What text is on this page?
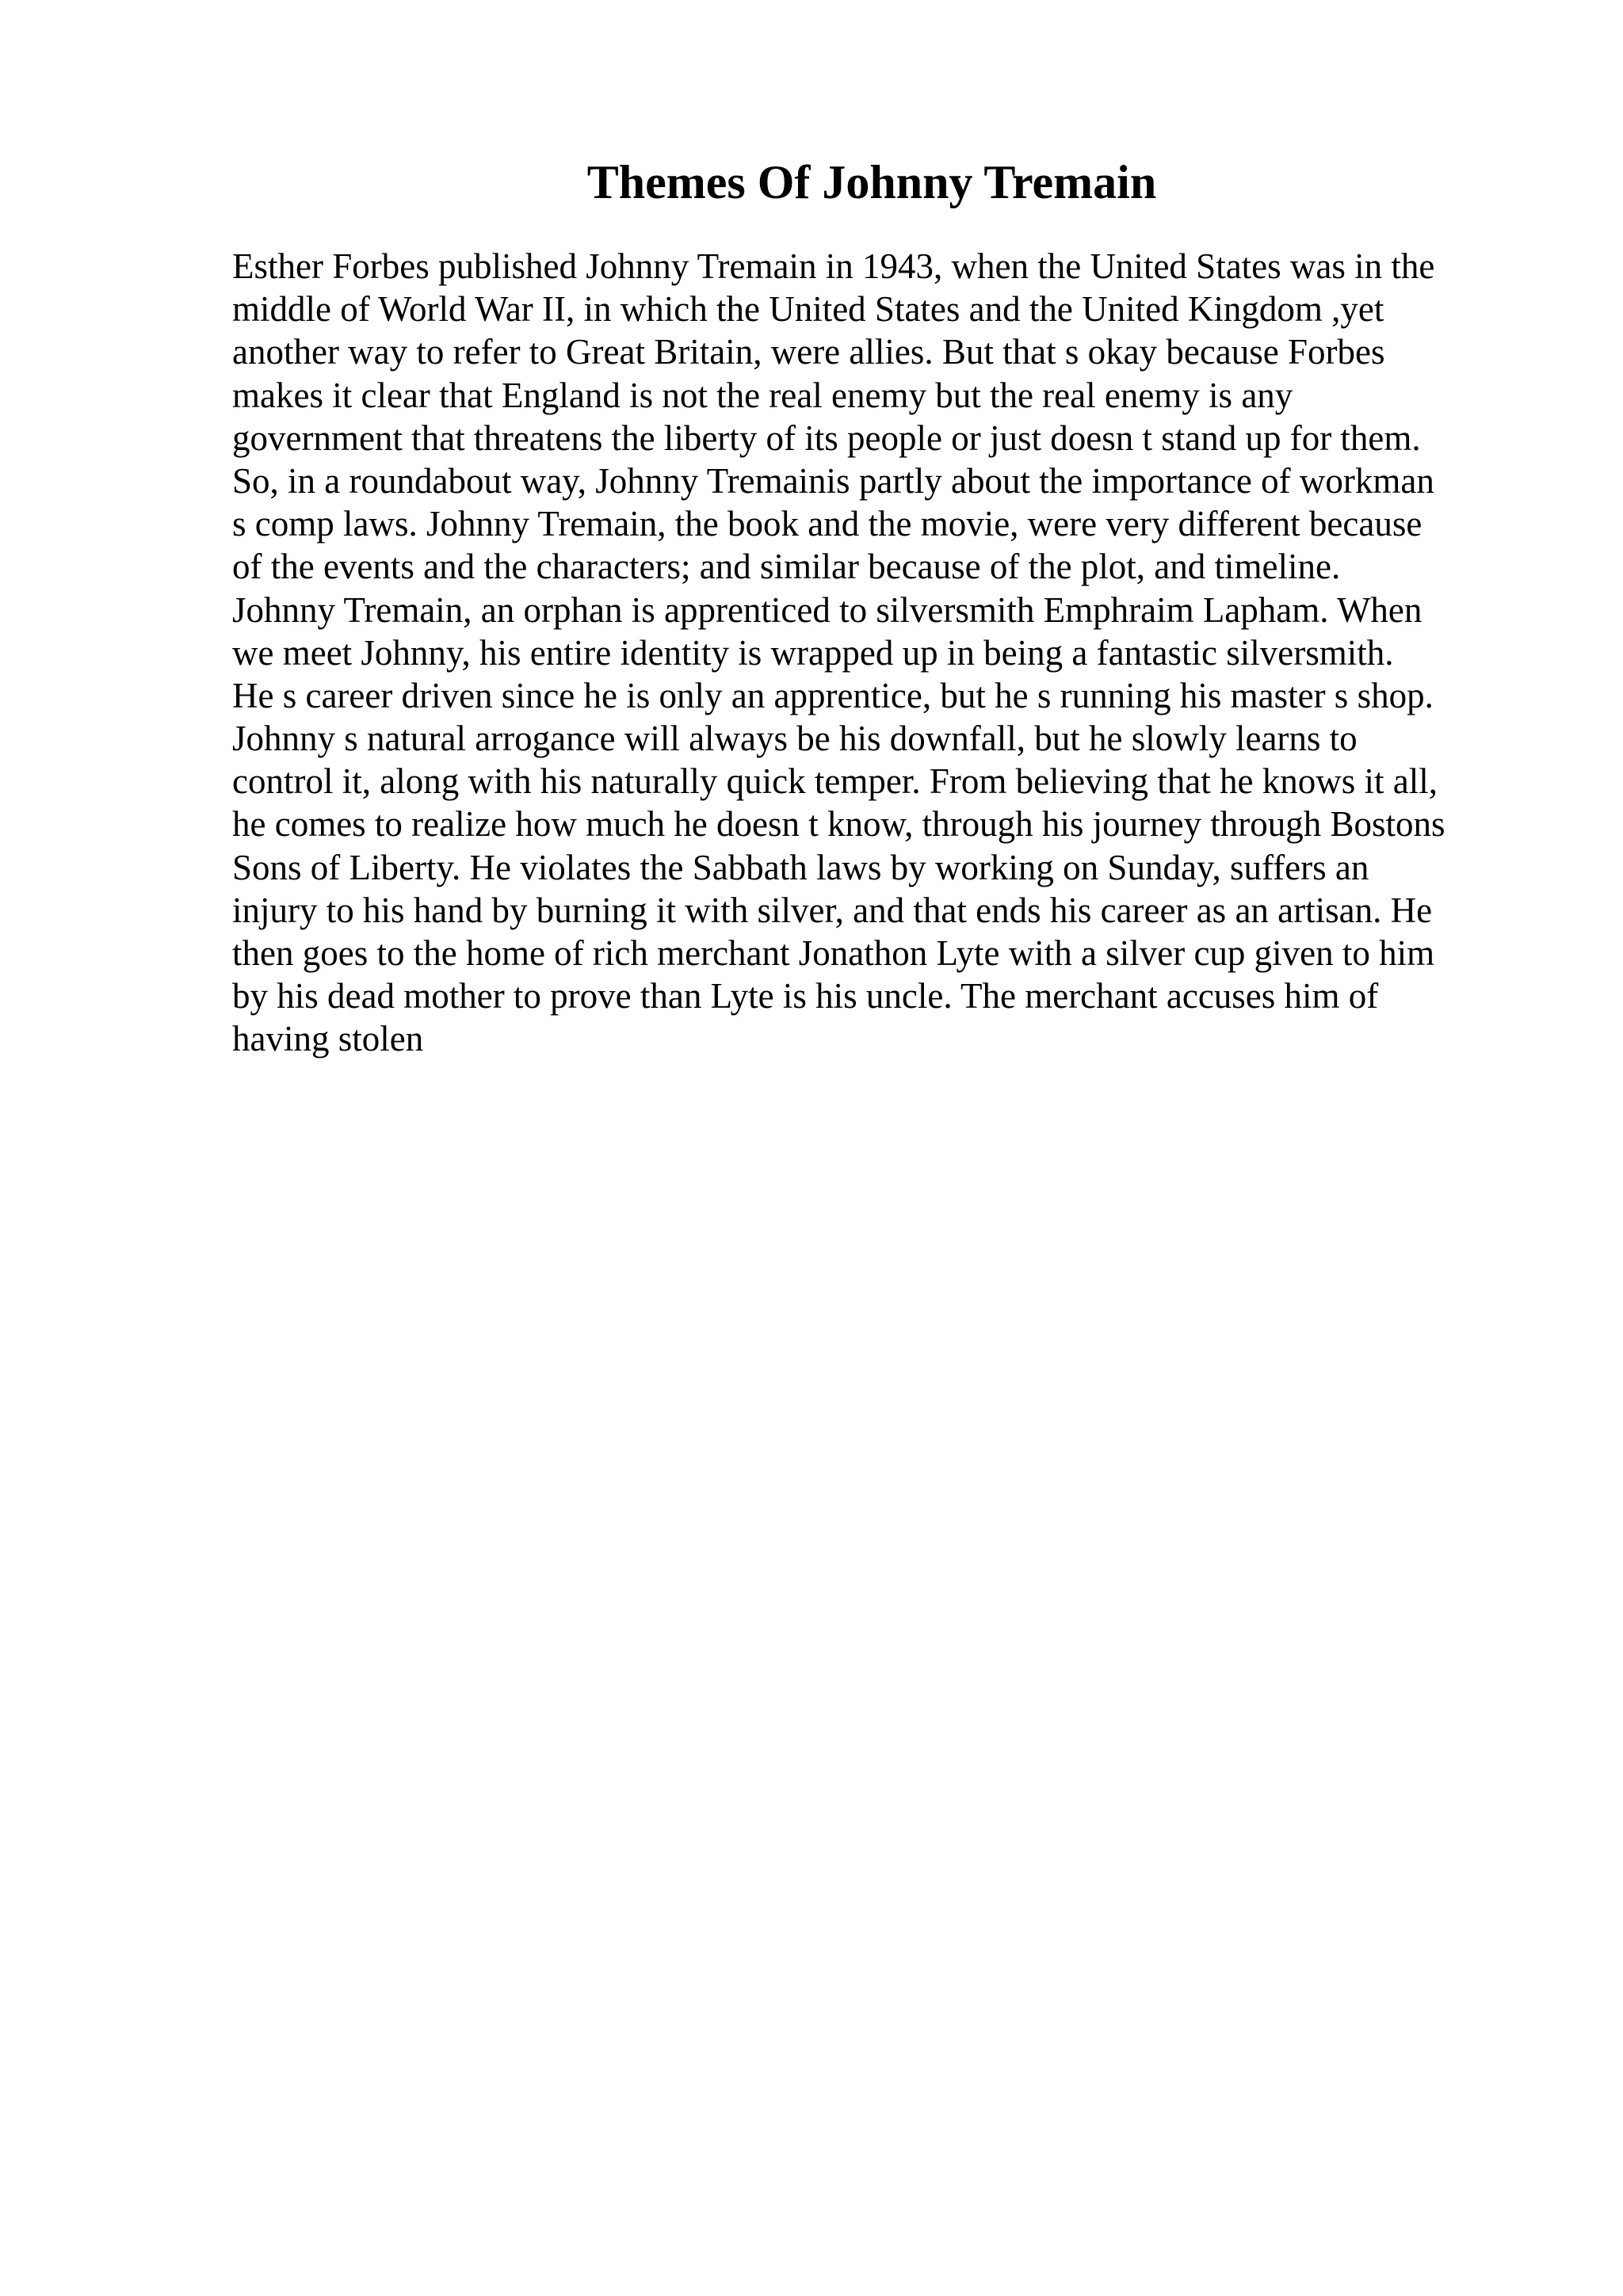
Themes Of Johnny Tremain
Esther Forbes published Johnny Tremain in 1943, when the United States was in the
middle of World War II, in which the United States and the United Kingdom ,yet
another way to refer to Great Britain, were allies. But that s okay because Forbes
makes it clear that England is not the real enemy but the real enemy is any
government that threatens the liberty of its people or just doesn t stand up for them.
So, in a roundabout way, Johnny Tremainis partly about the importance of workman
s comp laws. Johnny Tremain, the book and the movie, were very different because
of the events and the characters; and similar because of the plot, and timeline.
Johnny Tremain, an orphan is apprenticed to silversmith Emphraim Lapham. When
we meet Johnny, his entire identity is wrapped up in being a fantastic silversmith.
He s career driven since he is only an apprentice, but he s running his master s shop.
Johnny s natural arrogance will always be his downfall, but he slowly learns to
control it, along with his naturally quick temper. From believing that he knows it all,
he comes to realize how much he doesn t know, through his journey through Bostons
Sons of Liberty. He violates the Sabbath laws by working on Sunday, suffers an
injury to his hand by burning it with silver, and that ends his career as an artisan. He
then goes to the home of rich merchant Jonathon Lyte with a silver cup given to him
by his dead mother to prove than Lyte is his uncle. The merchant accuses him of
having stolen
